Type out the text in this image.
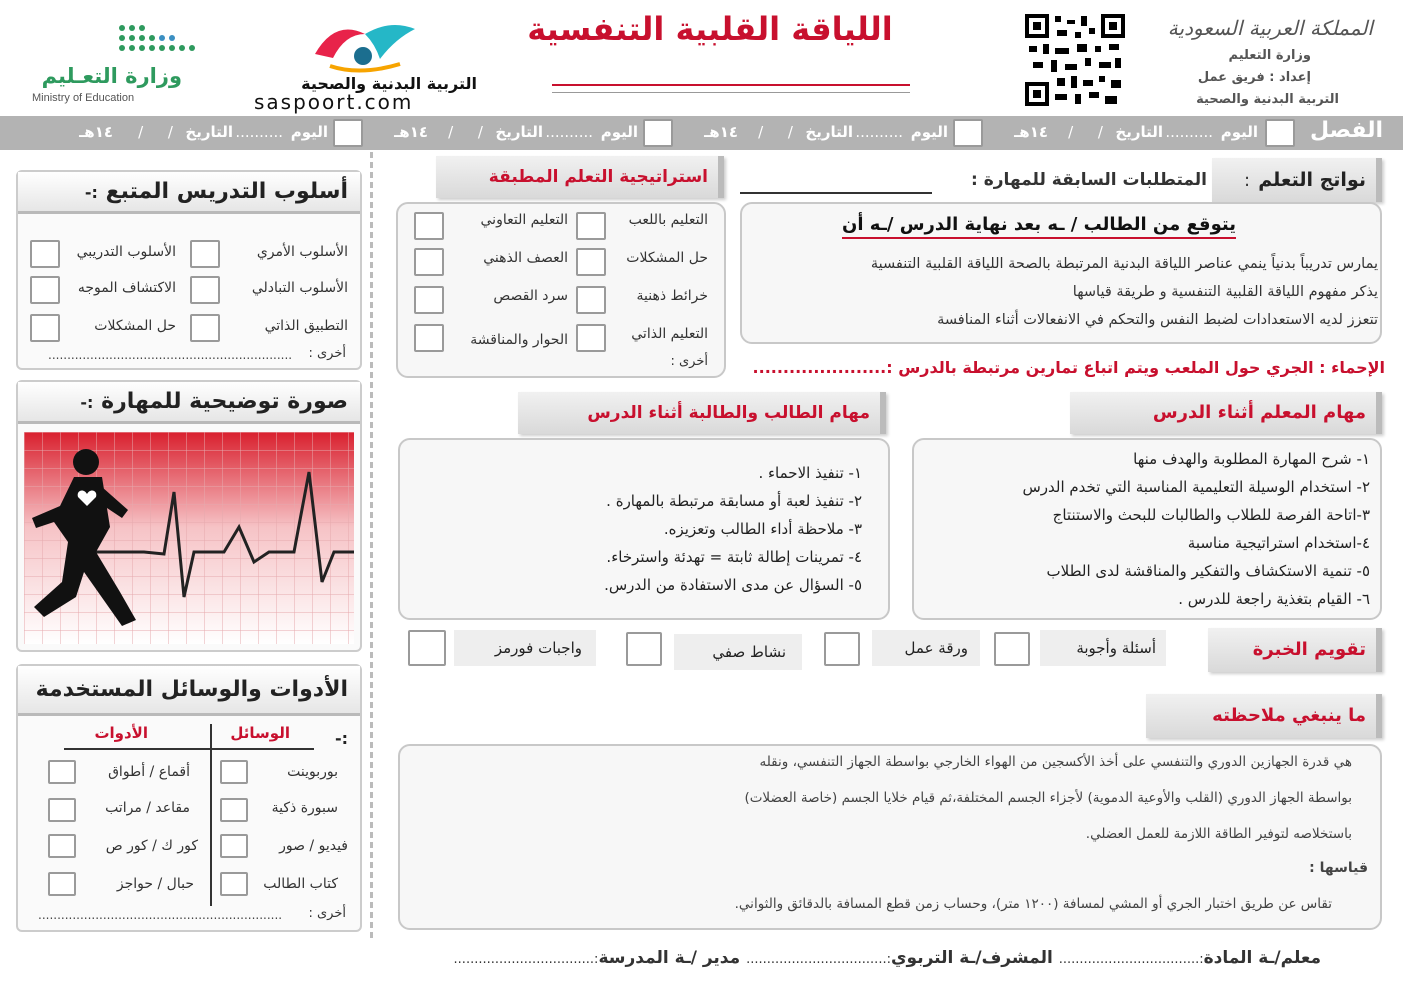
وزارة التعـليم
Ministry of Education
التربية البدنية والصحية
saspoort.com
اللياقة القلبية التنفسية	المملكة العربية السعودية
وزارة التعليم
إعداد : فريق عمل
التربية البدنية والصحية
الفصل
اليوم
..........
التاريخ
/ /
١٤هـ
اليوم
..........
التاريخ
/ /
١٤هـ
اليوم
..........
التاريخ
/ /
١٤هـ
اليوم
..........
التاريخ
/ /
١٤هـ
أسلوب التدريس المتبع :-
الأسلوب الأمري
الأسلوب التبادلي
التطبيق الذاتي
الأسلوب التدريبي
الاكتشاف الموجه
حل المشكلات
أخرى :
................................................................
صورة توضيحية للمهارة :-
الأدوات والوسائل المستخدمة :-
الوسائل
الأدوات
بوربوينت
سبورة ذكية
فيديو / صور
كتاب الطالب
أقماع / أطواق
مقاعد / مراتب
كور ك / كور ص
حبال / حواجز
أخرى :
................................................................
نواتج التعلم
:
المتطلبات السابقة للمهارة :
استراتيجية التعلم المطبقة
التعليم باللعب
حل المشكلات
خرائط ذهنية
التعليم الذاتي
التعليم التعاوني
العصف الذهني
سرد القصص
الحوار والمناقشة
أخرى :
يتوقع من الطالب / ـه بعد نهاية الدرس /ـه أن
يمارس تدريباً بدنياً ينمي عناصر اللياقة البدنية المرتبطة بالصحة اللياقة القلبية التنفسية
يذكر مفهوم اللياقة القلبية التنفسية و طريقة قياسها
تتعزز لديه الاستعدادات لضبط النفس والتحكم في الانفعالات أثناء المنافسة
الإحماء : الجري حول الملعب ويتم اتباع تمارين مرتبطة بالدرس :......................
مهام المعلم أثناء الدرس
١- شرح المهارة المطلوبة والهدف منها
٢- استخدام الوسيلة التعليمية المناسبة التي تخدم الدرس
٣-اتاحة الفرصة للطلاب والطالبات للبحث والاستنتاج
٤-استخدام استراتيجية مناسبة
٥- تنمية الاستكشاف والتفكير والمناقشة لدى الطلاب
٦- القيام بتغذية راجعة للدرس .
مهام الطالب والطالبة أثناء الدرس
١- تنفيذ الاحماء .
٢- تنفيذ لعبة أو مسابقة مرتبطة بالمهارة .
٣- ملاحظة أداء الطالب وتعزيزه.
٤- تمرينات إطالة ثابتة = تهدئة واسترخاء.
٥- السؤال عن مدى الاستفادة من الدرس.
تقويم الخبرة
أسئلة وأجوبة
ورقة عمل
نشاط صفي
واجبات فورمز
ما ينبغي ملاحظته
هي قدرة الجهازين الدوري والتنفسي على أخذ الأكسجين من الهواء الخارجي بواسطة الجهاز التنفسي، ونقله
بواسطة الجهاز الدوري (القلب والأوعية الدموية) لأجزاء الجسم المختلفة،ثم قيام خلايا الجسم (خاصة العضلات)
باستخلاصه لتوفير الطاقة اللازمة للعمل العضلي.
قياسها :
تقاس عن طريق اختبار الجري أو المشي لمسافة (١٢٠٠ متر)، وحساب زمن قطع المسافة بالدقائق والثواني.
معلم/ـة المادة:.................................. المشرف/ـة التربوي:.................................. مدير /ـة المدرسة:..................................
